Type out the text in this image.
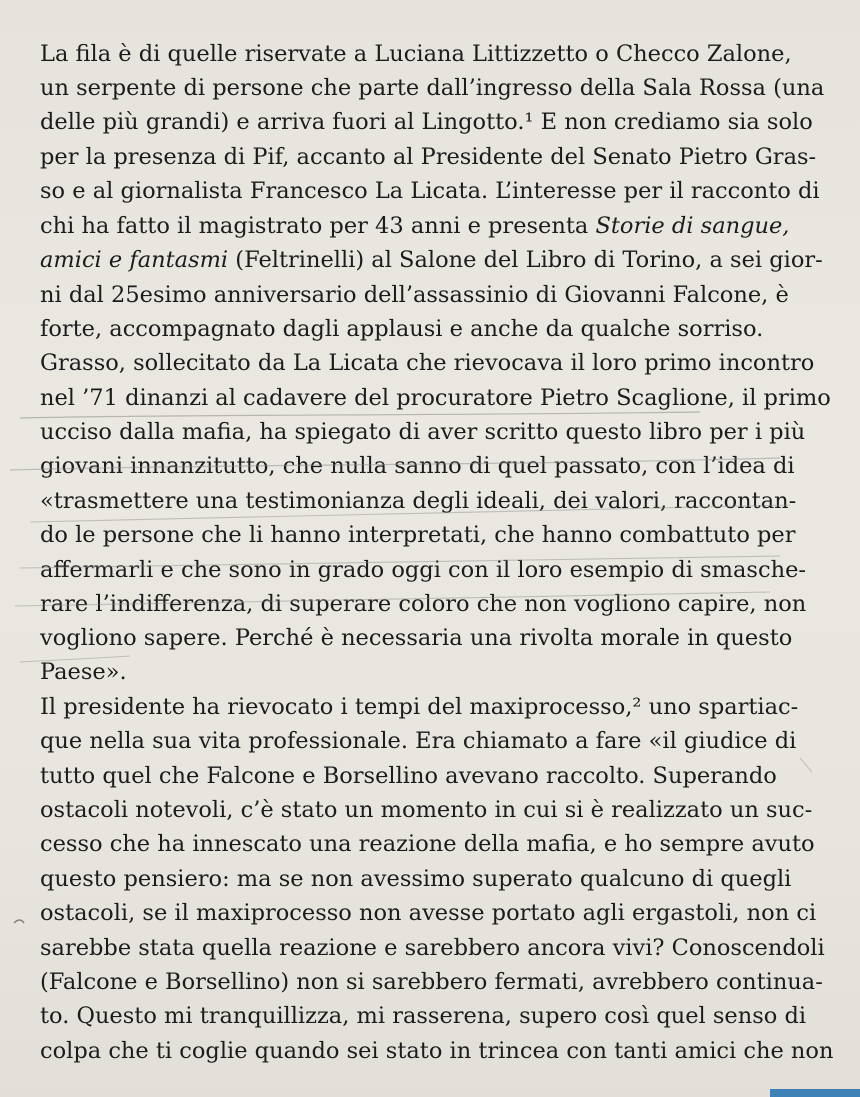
La fila è di quelle riservate a Luciana Littizzetto o Checco Zalone,
un serpente di persone che parte dall’ingresso della Sala Rossa (una
delle più grandi) e arriva fuori al Lingotto.¹ E non crediamo sia solo
per la presenza di Pif, accanto al Presidente del Senato Pietro Gras-
so e al giornalista Francesco La Licata. L’interesse per il racconto di
chi ha fatto il magistrato per 43 anni e presenta Storie di sangue,
amici e fantasmi (Feltrinelli) al Salone del Libro di Torino, a sei gior-
ni dal 25esimo anniversario dell’assassinio di Giovanni Falcone, è
forte, accompagnato dagli applausi e anche da qualche sorriso.
Grasso, sollecitato da La Licata che rievocava il loro primo incontro
nel ’71 dinanzi al cadavere del procuratore Pietro Scaglione, il primo
ucciso dalla mafia, ha spiegato di aver scritto questo libro per i più
giovani innanzitutto, che nulla sanno di quel passato, con l’idea di
«trasmettere una testimonianza degli ideali, dei valori, raccontan-
do le persone che li hanno interpretati, che hanno combattuto per
affermarli e che sono in grado oggi con il loro esempio di smasche-
rare l’indifferenza, di superare coloro che non vogliono capire, non
vogliono sapere. Perché è necessaria una rivolta morale in questo
Paese».
Il presidente ha rievocato i tempi del maxiprocesso,² uno spartiac-
que nella sua vita professionale. Era chiamato a fare «il giudice di
tutto quel che Falcone e Borsellino avevano raccolto. Superando
ostacoli notevoli, c’è stato un momento in cui si è realizzato un suc-
cesso che ha innescato una reazione della mafia, e ho sempre avuto
questo pensiero: ma se non avessimo superato qualcuno di quegli
ostacoli, se il maxiprocesso non avesse portato agli ergastoli, non ci
sarebbe stata quella reazione e sarebbero ancora vivi? Conoscendoli
(Falcone e Borsellino) non si sarebbero fermati, avrebbero continua-
to. Questo mi tranquillizza, mi rasserena, supero così quel senso di
colpa che ti coglie quando sei stato in trincea con tanti amici che non
